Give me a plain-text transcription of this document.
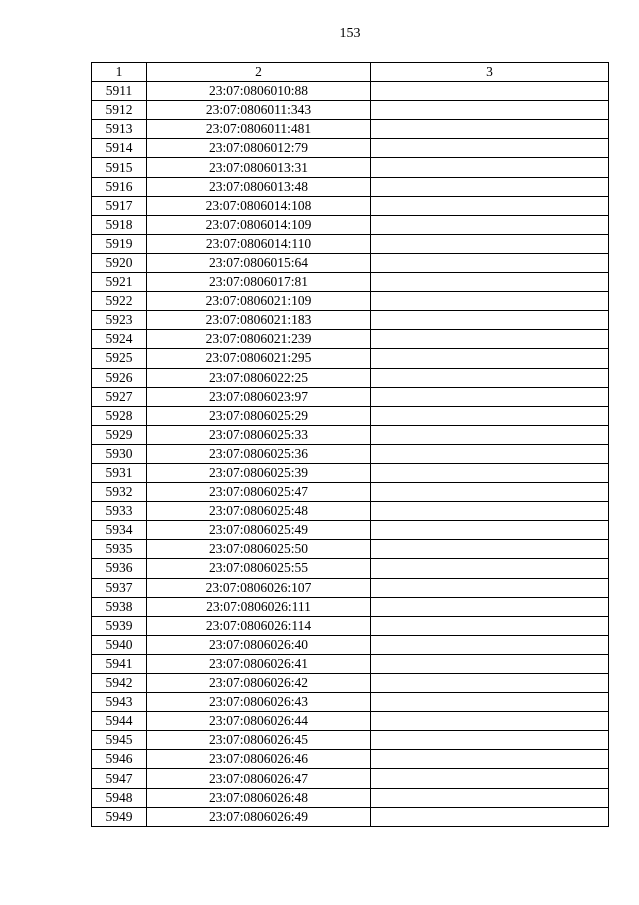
153
1	2	3
5911	23:07:0806010:88	
5912	23:07:0806011:343	
5913	23:07:0806011:481	
5914	23:07:0806012:79	
5915	23:07:0806013:31	
5916	23:07:0806013:48	
5917	23:07:0806014:108	
5918	23:07:0806014:109	
5919	23:07:0806014:110	
5920	23:07:0806015:64	
5921	23:07:0806017:81	
5922	23:07:0806021:109	
5923	23:07:0806021:183	
5924	23:07:0806021:239	
5925	23:07:0806021:295	
5926	23:07:0806022:25	
5927	23:07:0806023:97	
5928	23:07:0806025:29	
5929	23:07:0806025:33	
5930	23:07:0806025:36	
5931	23:07:0806025:39	
5932	23:07:0806025:47	
5933	23:07:0806025:48	
5934	23:07:0806025:49	
5935	23:07:0806025:50	
5936	23:07:0806025:55	
5937	23:07:0806026:107	
5938	23:07:0806026:111	
5939	23:07:0806026:114	
5940	23:07:0806026:40	
5941	23:07:0806026:41	
5942	23:07:0806026:42	
5943	23:07:0806026:43	
5944	23:07:0806026:44	
5945	23:07:0806026:45	
5946	23:07:0806026:46	
5947	23:07:0806026:47	
5948	23:07:0806026:48	
5949	23:07:0806026:49	
